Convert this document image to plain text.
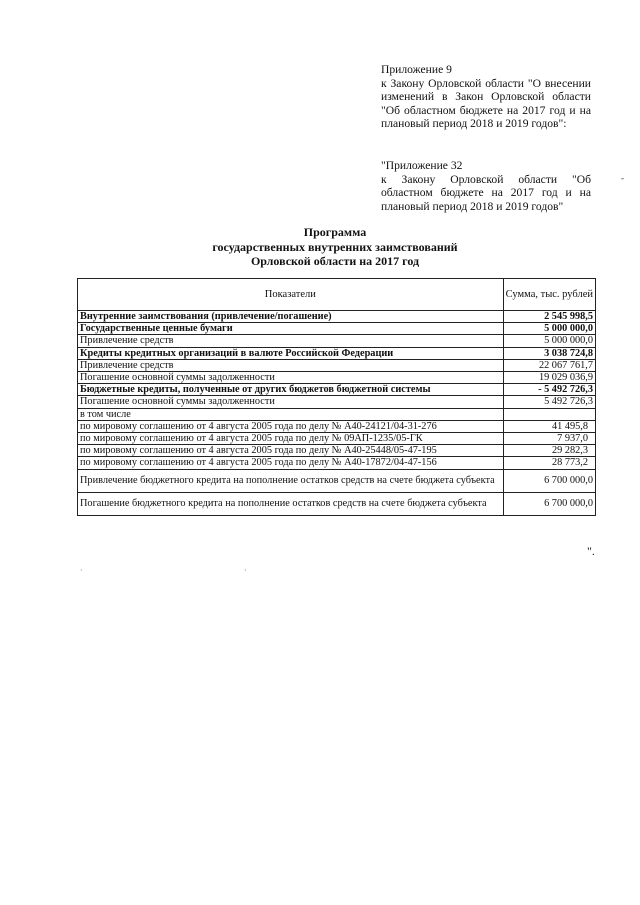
Приложение 9
к Закону Орловской области "О внесении изменений в Закон Орловской области "Об областном бюджете на 2017 год и на плановый период 2018 и 2019 годов":
"Приложение 32
к Закону Орловской области "Об областном бюджете на 2017 год и на плановый период 2018 и 2019 годов"
-
Программа
государственных внутренних заимствований
Орловской области на 2017 год
Показатели	Сумма, тыс. рублей
Внутренние заимствования (привлечение/погашение)	2 545 998,5
Государственные ценные бумаги	5 000 000,0
Привлечение средств	5 000 000,0
Кредиты кредитных организаций в валюте Российской Федерации	3 038 724,8
Привлечение средств	22 067 761,7
Погашение основной суммы задолженности	19 029 036,9
Бюджетные кредиты, полученные от других бюджетов бюджетной системы	- 5 492 726,3
Погашение основной суммы задолженности	5 492 726,3
в том числе	
по мировому соглашению от 4 августа 2005 года по делу № А40-24121/04-31-276	41 495,8
по мировому соглашению от 4 августа 2005 года по делу № 09АП-1235/05-ГК	7 937,0
по мировому соглашению от 4 августа 2005 года по делу № А40-25448/05-47-195	29 282,3
по мировому соглашению от 4 августа 2005 года по делу № А40-17872/04-47-156	28 773,2
Привлечение бюджетного кредита на пополнение остатков средств на счете бюджета субъекта	6 700 000,0
Погашение бюджетного кредита на пополнение остатков средств на счете бюджета субъекта	6 700 000,0
".
·
·
